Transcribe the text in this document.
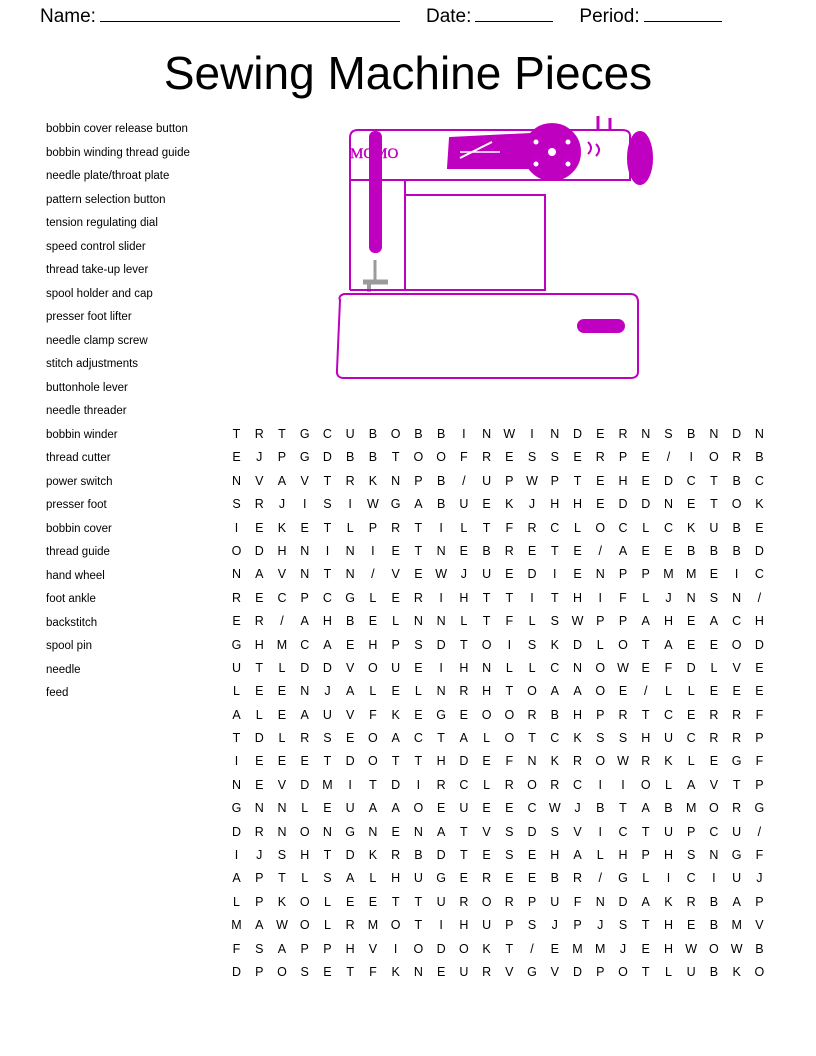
Name:	Date:	Period:
Sewing Machine Pieces
bobbin cover release button
bobbin winding thread guide
needle plate/throat plate
pattern selection button
tension regulating dial
speed control slider
thread take-up lever
spool holder and cap
presser foot lifter
needle clamp screw
stitch adjustments
buttonhole lever
needle threader
bobbin winder
thread cutter
power switch
presser foot
bobbin cover
thread guide
hand wheel
foot ankle
backstitch
spool pin
needle
feed
MOMO
T	R	T	G	C	U	B	O	B	B	I	N W	I	N	D	E	R	N	S	B	N	D	N
E	J	P	G	D	B	B	T	O O	F	R	E	S	S	E	R	P	E	/	I	O	R	B
N	V	A	V	T	R	K	N	P	B	/	U	P	W	P	T	E	H	E	D	C	T	B	C
S	R	J	I	S	I	W G	A	B	U	E	K	J	H	H	E	D	D	N	E	T	O	K
I	E	K	E	T	L	P	R	T	I	L	T	F	R	C	L	O	C	L	C	K	U	B	E
O	D	H	N	I	N	I	E	T	N	E	B	R	E	T	E	/	A	E	E	B	B	B	D
N	A	V	N	T	N	/	V	E	W	J	U	E	D	I	E	N	P	P	M M	E	I	C
R	E	C	P	C	G	L	E	R	I	H	T	T	I	T	H	I	F	L	J	N	S	N	/
E	R	/	A	H	B	E	L	N	N	L	T	F	L	S	W	P	P	A	H	E	A	C	H
G	H	M	C	A	E	H	P	S	D	T	O	I	S	K	D	L	O	T	A	E	E	O	D
U	T	L	D	D	V	O	U	E	I	H	N	L	L	C	N	O W	E	F	D	L	V	E
L	E	E	N	J	A	L	E	L	N	R	H	T	O	A	A	O	E	/	L	L	E	E	E
A	L	E	A	U	V	F	K	E	G	E	O O	R	B	H	P	R	T	C	E	R	R	F
T	D	L	R	S	E	O	A	C	T	A	L	O	T	C	K	S	S	H	U	C	R	R	P
I	E	E	E	T	D	O	T	T	H	D	E	F	N	K	R	O W R	K	L	E	G	F
N	E	V	D	M	I	T	D	I	R	C	L	R	O	R	C	I	I	O	L	A	V	T	P
G	N	N	L	E	U	A	A	O	E	U	E	E	C W	J	B	T	A	B	M O	R	G
D	R	N	O	N	G	N	E	N	A	T	V	S	D	S	V	I	C	T	U	P	C	U	/
I	J	S	H	T	D	K	R	B	D	T	E	S	E	H	A	L	H	P	H	S	N	G	F
A	P	T	L	S	A	L	H	U	G	E	R	E	E	B	R	/	G	L	I	C	I	U	J
L	P	K	O	L	E	E	T	T	U	R	O	R	P	U	F	N	D	A	K	R	B	A	P
M	A	W O	L	R	M O	T	I	H	U	P	S	J	P	J	S	T	H	E	B	M	V
F	S	A	P	P	H	V	I	O	D	O	K	T	/	E	M M	J	E	H W O W	B
D	P	O	S	E	T	F	K	N	E	U	R	V	G	V	D	P	O	T	L	U	B	K	O
